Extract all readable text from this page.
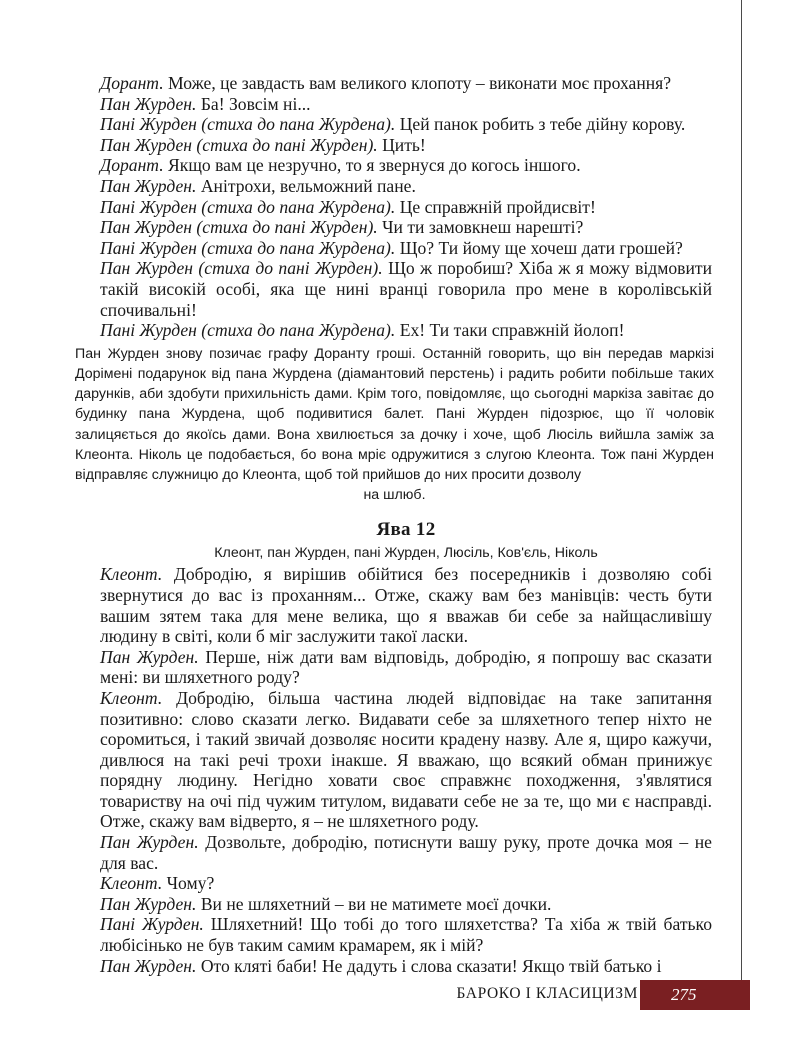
Дорант. Може, це завдасть вам великого клопоту – виконати моє прохання?

Пан Журден. Ба! Зовсім ні...

Пані Журден (стиха до пана Журдена). Цей панок робить з тебе дійну корову.

Пан Журден (стиха до пані Журден). Цить!

Дорант. Якщо вам це незручно, то я звернуся до когось іншого.

Пан Журден. Анітрохи, вельможний пане.

Пані Журден (стиха до пана Журдена). Це справжній пройдисвіт!

Пан Журден (стиха до пані Журден). Чи ти замовкнеш нарешті?

Пані Журден (стиха до пана Журдена). Що? Ти йому ще хочеш дати грошей?

Пан Журден (стиха до пані Журден). Що ж поробиш? Хіба ж я можу відмовити такій високій особі, яка ще нині вранці говорила про мене в королівській спочивальні!

Пані Журден (стиха до пана Журдена). Ех! Ти таки справжній йолоп!

Пан Журден знову позичає графу Доранту гроші. Останній говорить, що він передав маркізі Дорімені подарунок від пана Журдена (діамантовий перстень) і радить робити побільше таких дарунків, аби здобути прихильність дами. Крім того, повідомляє, що сьогодні маркіза завітає до будинку пана Журдена, щоб подивитися балет. Пані Журден підозрює, що її чоловік залицяється до якоїсь дами. Вона хвилюється за дочку і хоче, щоб Люсіль вийшла заміж за Клеонта. Ніколь це подобається, бо вона мріє одружитися з слугою Клеонта. Тож пані Журден відправляє служницю до Клеонта, щоб той прийшов до них просити дозволу

на шлюб.

Ява 12
Клеонт, пан Журден, пані Журден, Люсіль, Ков'єль, Ніколь

Клеонт. Добродію, я вирішив обійтися без посередників і дозволяю собі звернутися до вас із проханням... Отже, скажу вам без манівців: честь бути вашим зятем така для мене велика, що я вважав би себе за найщасливішу людину в світі, коли б міг заслужити такої ласки.

Пан Журден. Перше, ніж дати вам відповідь, добродію, я попрошу вас сказати мені: ви шляхетного роду?

Клеонт. Добродію, більша частина людей відповідає на таке запитання позитивно: слово сказати легко. Видавати себе за шляхетного тепер ніхто не соромиться, і такий звичай дозволяє носити крадену назву. Але я, щиро кажучи, дивлюся на такі речі трохи інакше. Я вважаю, що всякий обман принижує порядну людину. Негідно ховати своє справжнє походження, з'являтися товариству на очі під чужим титулом, видавати себе не за те, що ми є насправді. Отже, скажу вам відверто, я – не шляхетного роду.

Пан Журден. Дозвольте, добродію, потиснути вашу руку, проте дочка моя – не для вас.

Клеонт. Чому?

Пан Журден. Ви не шляхетний – ви не матимете моєї дочки.

Пані Журден. Шляхетний! Що тобі до того шляхетства? Та хіба ж твій батько любісінько не був таким самим крамарем, як і мій?

Пан Журден. Ото кляті баби! Не дадуть і слова сказати! Якщо твій батько і

БАРОКО І КЛАСИЦИЗМ	275
